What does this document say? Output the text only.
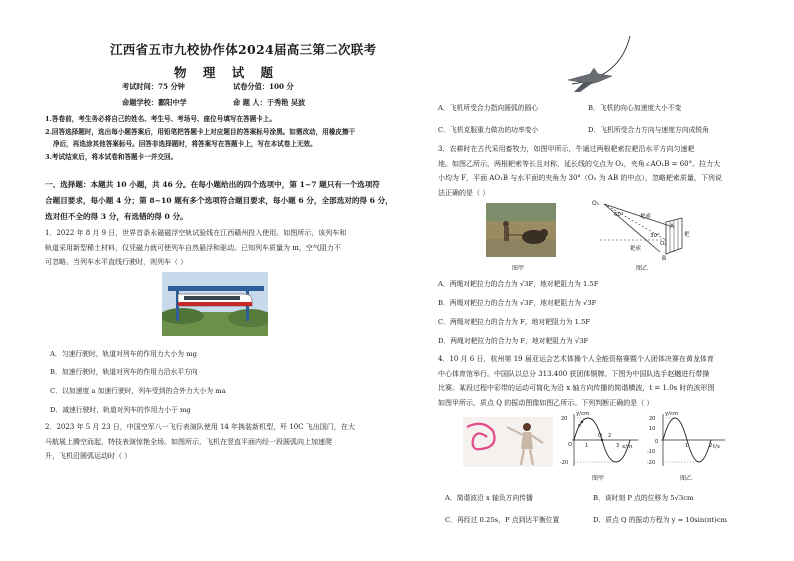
江西省五市九校协作体2024届高三第二次联考
物 理 试 题
考试时间：75 分钟	试卷分值：100 分
命题学校：鄱阳中学	命 题 人：于秀艳 吴波
1.答卷前，考生务必将自己的姓名、考生号、考场号、座位号填写在答题卡上。
2.回答选择题时，选出每小题答案后，用铅笔把答题卡上对应题目的答案标号涂黑。如需改动，用橡皮擦干
净后，再选涂其他答案标号。回答非选择题时，将答案写在答题卡上，写在本试卷上无效。
3.考试结束后，将本试卷和答题卡一并交回。
一、选择题：本题共 10 小题，共 46 分。在每小题给出的四个选项中，第 1~7 题只有一个选项符
合题目要求，每小题 4 分；第 8~10 题有多个选项符合题目要求，每小题 6 分，全部选对的得 6 分，
选对但不全的得 3 分，有选错的得 0 分。
1．2022 年 8 月 9 日，世界首条永磁磁浮空轨试验线在江西赣州投入使用。如图所示，该列车和
轨道采用新型稀土材料，仅凭磁力就可使列车自然悬浮和驱动。已知列车质量为 m，空气阻力不
可忽略。当列车水平直线行驶时，则列车（ ）
A．匀速行驶时，轨道对列车的作用力大小为 mg
B．加速行驶时，轨道对列车的作用力沿水平方向
C．以加速度 a 加速行驶时，列车受到的合外力大小为 ma
D．减速行驶时，轨道对列车的作用力小于 mg
2．2023 年 5 月 23 日，中国空军八一飞行表演队使用 14 年换装新机型，歼 10C 飞出国门，在大
马航展上腾空而起，特技表演惊艳全场。如图所示，飞机在竖直平面内经一段圆弧向上加速爬
升，飞机沿圆弧运动时（ ）
A．飞机所受合力指向圆弧的圆心	B．飞机的向心加速度大小不变
C．飞机克服重力做功的功率变小	D．飞机所受合力方向与速度方向成锐角
3．农耕时在古代采用畜牧力，如图甲所示，牛通过两根耙索拉耙沿水平方向匀速耙
地。如图乙所示，两根耙索等长且对称，延长线的交点为 O₁，夹角∠AO₁B = 60°。拉力大
小均为 F，平面 AO₁B 与水平面的夹角为 30°（O₂ 为 AB 的中点），忽略耙索质量，下列说
法正确的是（ ）
图甲
O₁
60°	耙索
耙索
30°
A
B
O₂
耙
图乙
A．两绳对耙拉力的合力为 √3F，地对耙阻力为 1.5F
B．两绳对耙拉力的合力为 √3F，地对耙阻力为 √3F
C．两绳对耙拉力的合力为 F，地对耙阻力为 1.5F
D．两绳对耙拉力的合力为 F，地对耙阻力为 √3F
4．10 月 6 日，杭州第 19 届亚运会艺术体操个人全能资格赛暨个人团体决赛在黄龙体育
中心体育馆举行。中国队以总分 313.400 获团体铜牌。下图为中国队选手赵樾进行带操
比赛。某段过程中彩带的运动可简化为沿 x 轴方向传播的简谐横波，t = 1.0s 时的波形图
如图甲所示，质点 Q 的振动图像如图乙所示。下列判断正确的是（ ）
y/cm
x/m
20
O
-20
1
2
3
P
Q
图甲
y/cm
t/s
20
10
0
-10
-20
1	2
图乙
A．简谐波沿 x 轴负方向传播	B．该时刻 P 点的位移为 5√3cm
C．再经过 0.25s，P 点到达平衡位置	D．质点 Q 的振动方程为 y = 10sin(πt)cm
